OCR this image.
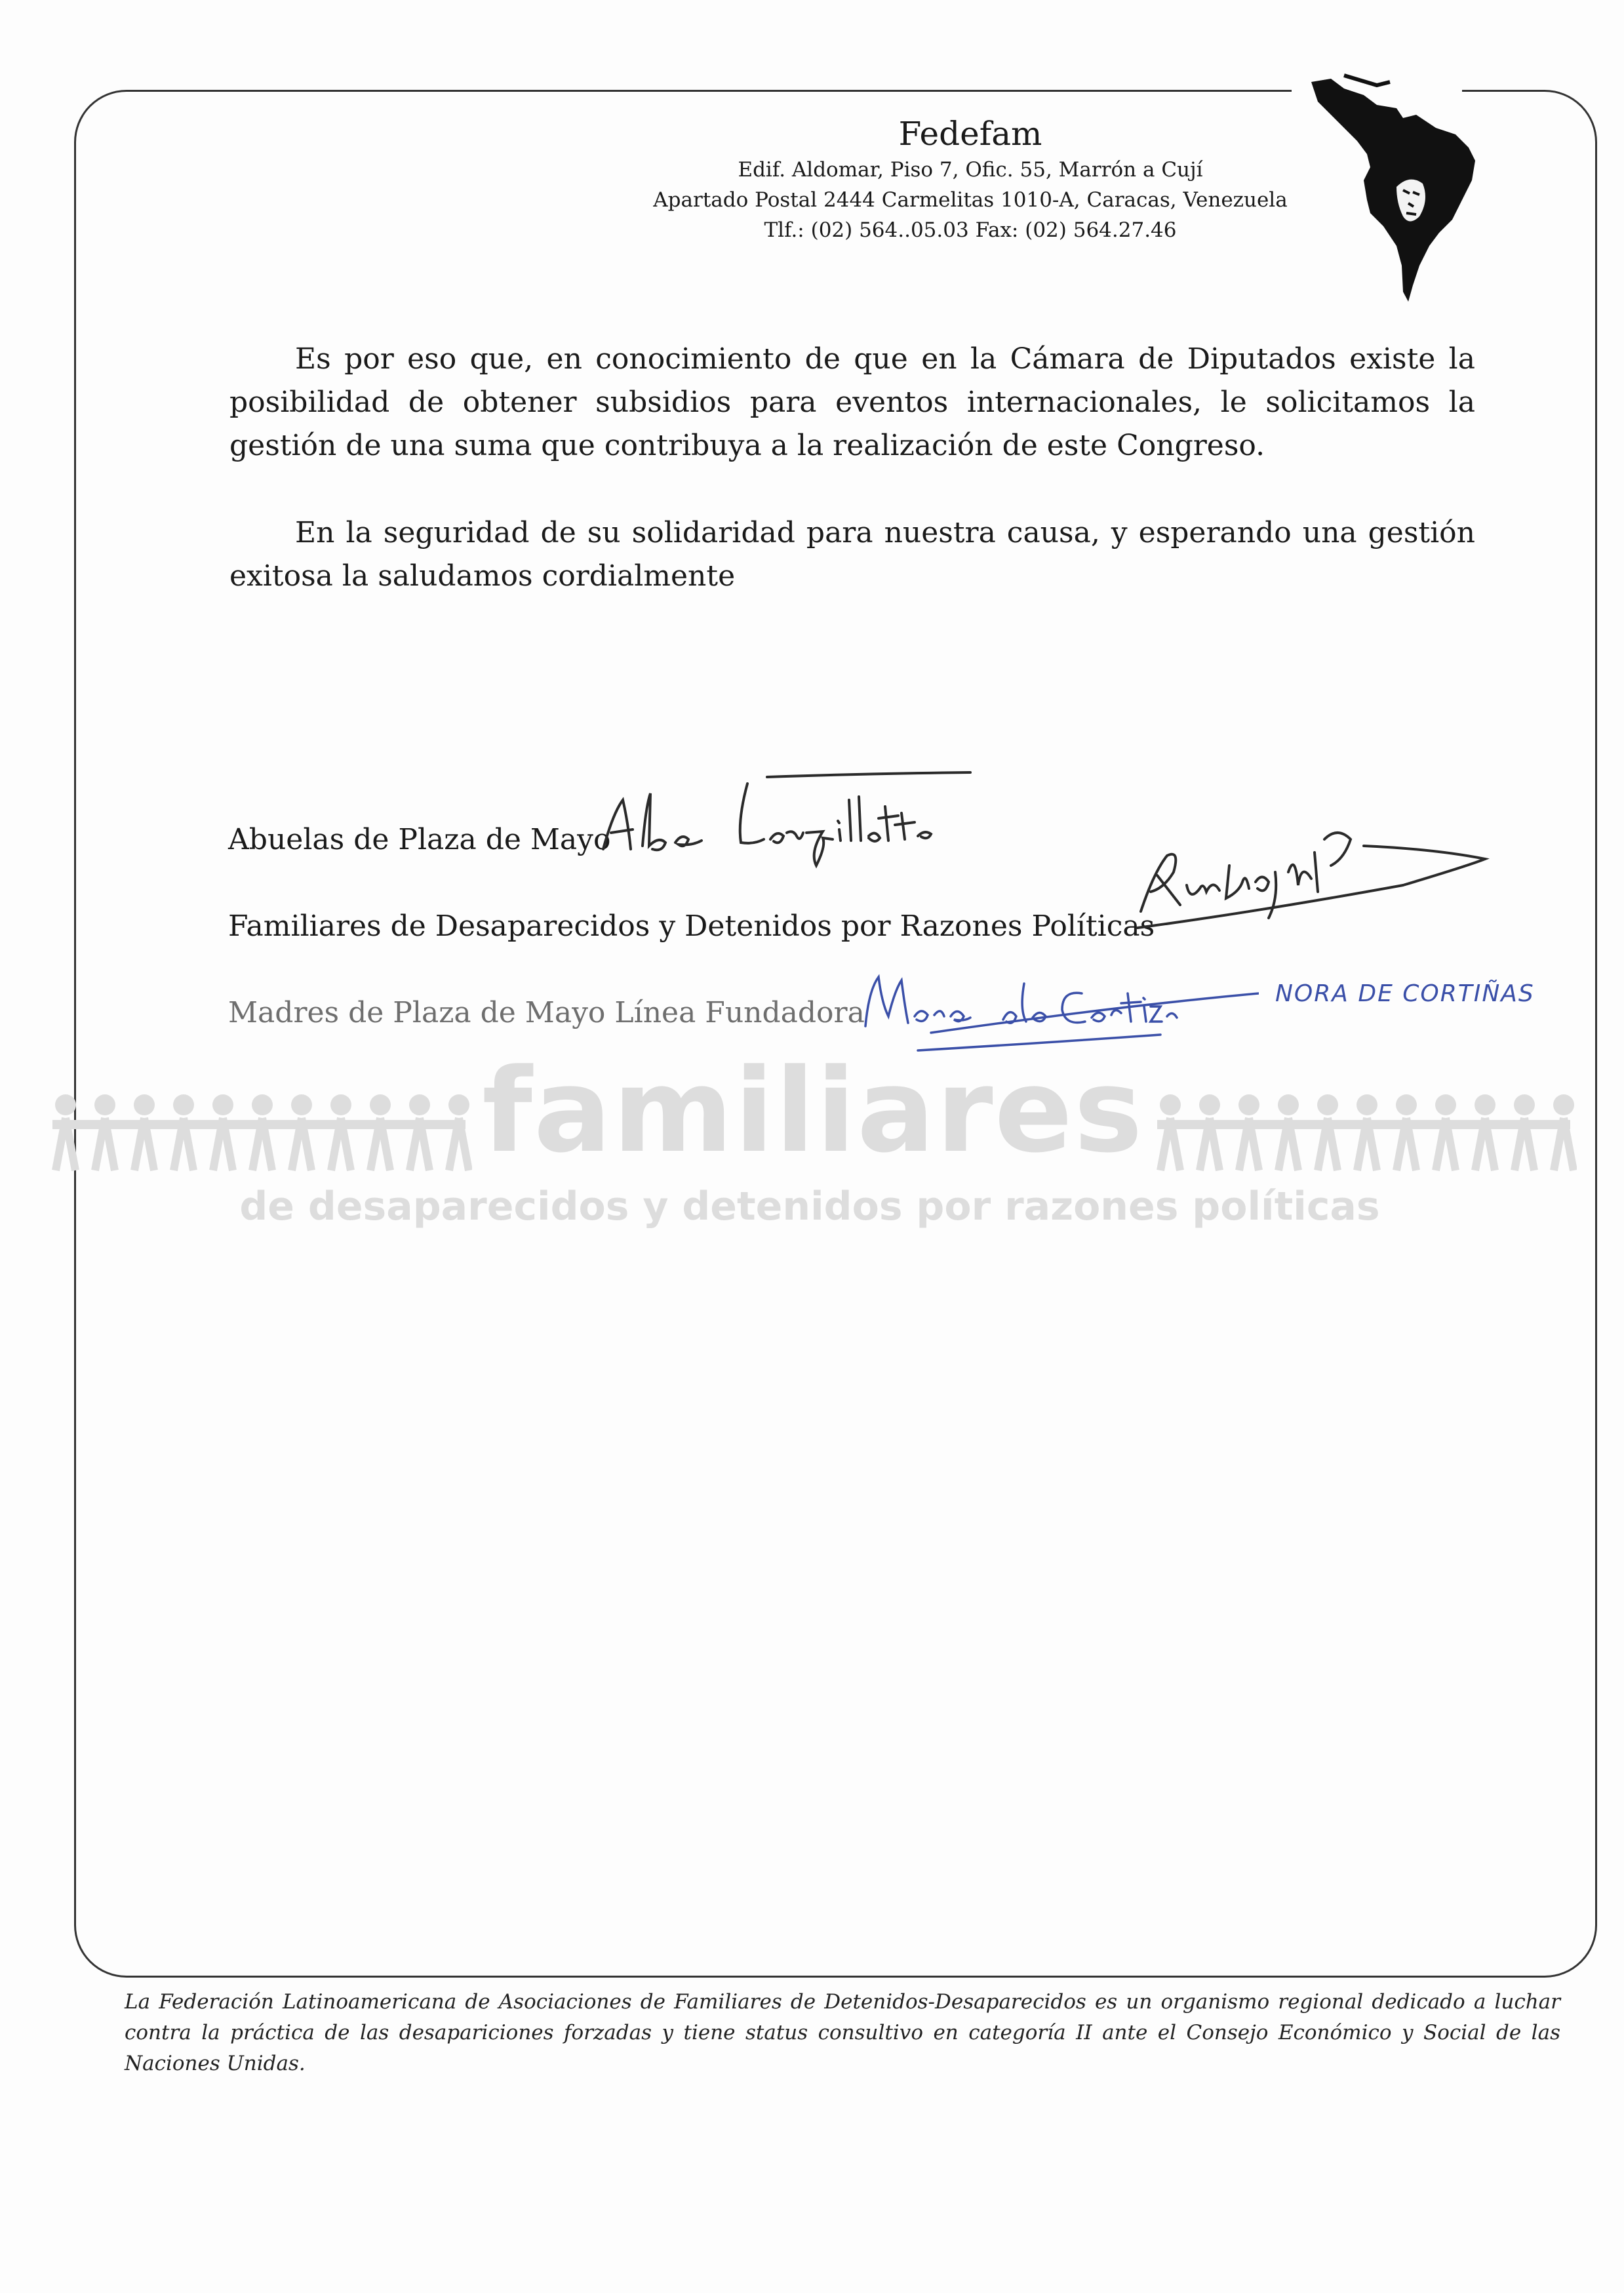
Fedefam
Edif. Aldomar, Piso 7, Ofic. 55, Marrón a Cují
Apartado Postal 2444 Carmelitas 1010-A, Caracas, Venezuela
Tlf.: (02) 564..05.03 Fax: (02) 564.27.46
Es por eso que, en conocimiento de que en la Cámara de Diputados existe la posibilidad de obtener subsidios para eventos internacionales, le solicitamos la gestión de una suma que contribuya a la realización de este Congreso.
En la seguridad de su solidaridad para nuestra causa, y esperando una gestión exitosa la saludamos cordialmente
familiares
de desaparecidos y detenidos por razones políticas
Abuelas de Plaza de Mayo
Familiares de Desaparecidos y Detenidos por Razones Políticas
Madres de Plaza de Mayo Línea Fundadora
NORA DE CORTIÑAS
La Federación Latinoamericana de Asociaciones de Familiares de Detenidos-Desaparecidos es un organismo regional dedicado a luchar contra la práctica de las desapariciones forzadas y tiene status consultivo en categoría II ante el Consejo Económico y Social de las Naciones Unidas.
